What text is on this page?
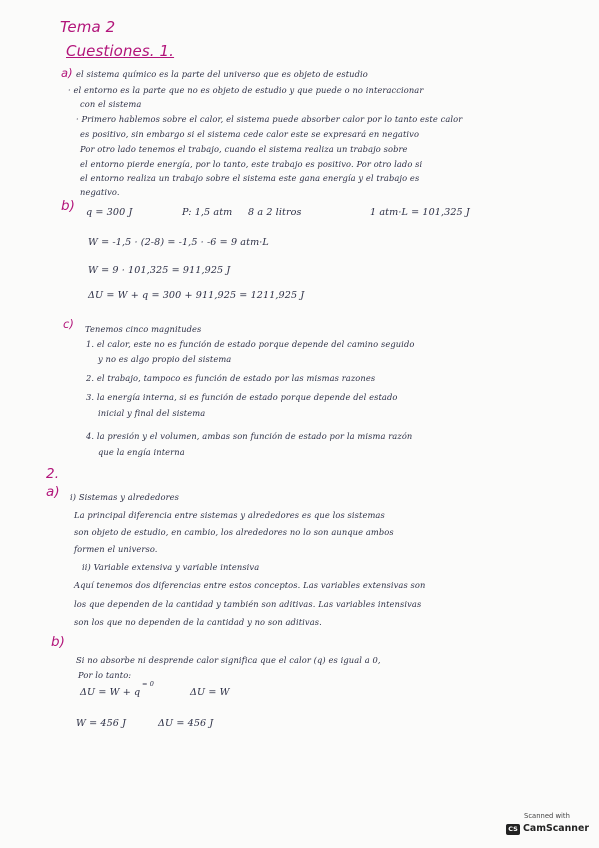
Tema 2
Cuestiones. 1.
a) el sistema químico es la parte del universo que es objeto de estudio
· el entorno es la parte que no es objeto de estudio y que puede o no interaccionar
con el sistema
· Primero hablemos sobre el calor, el sistema puede absorber calor por lo tanto este calor
es positivo, sin embargo si el sistema cede calor este se expresará en negativo
Por otro lado tenemos el trabajo, cuando el sistema realiza un trabajo sobre
el entorno pierde energía, por lo tanto, este trabajo es positivo. Por otro lado si
el entorno realiza un trabajo sobre el sistema este gana energía y el trabajo es
negativo.
b) q = 300 J	P: 1,5 atm 8 a 2 litros	1 atm·L = 101,325 J
W = -1,5 · (2-8) = -1,5 · -6 = 9 atm·L
W = 9 · 101,325 = 911,925 J
ΔU = W + q = 300 + 911,925 = 1211,925 J
c) Tenemos cinco magnitudes
1. el calor, este no es función de estado porque depende del camino seguido
y no es algo propio del sistema
2. el trabajo, tampoco es función de estado por las mismas razones
3. la energía interna, si es función de estado porque depende del estado
inicial y final del sistema
4. la presión y el volumen, ambas son función de estado por la misma razón
que la engía interna
2.
a) i) Sistemas y alrededores
La principal diferencia entre sistemas y alrededores es que los sistemas
son objeto de estudio, en cambio, los alrededores no lo son aunque ambos
formen el universo.
ii) Variable extensiva y variable intensiva
Aquí tenemos dos diferencias entre estos conceptos. Las variables extensivas son
los que dependen de la cantidad y también son aditivas. Las variables intensivas
son los que no dependen de la cantidad y no son aditivas.
b)
Si no absorbe ni desprende calor significa que el calor (q) es igual a 0,
Por lo tanto:
ΔU = W + q
= 0
ΔU = W
W = 456 J	ΔU = 456 J
Scanned with
CS CamScanner
